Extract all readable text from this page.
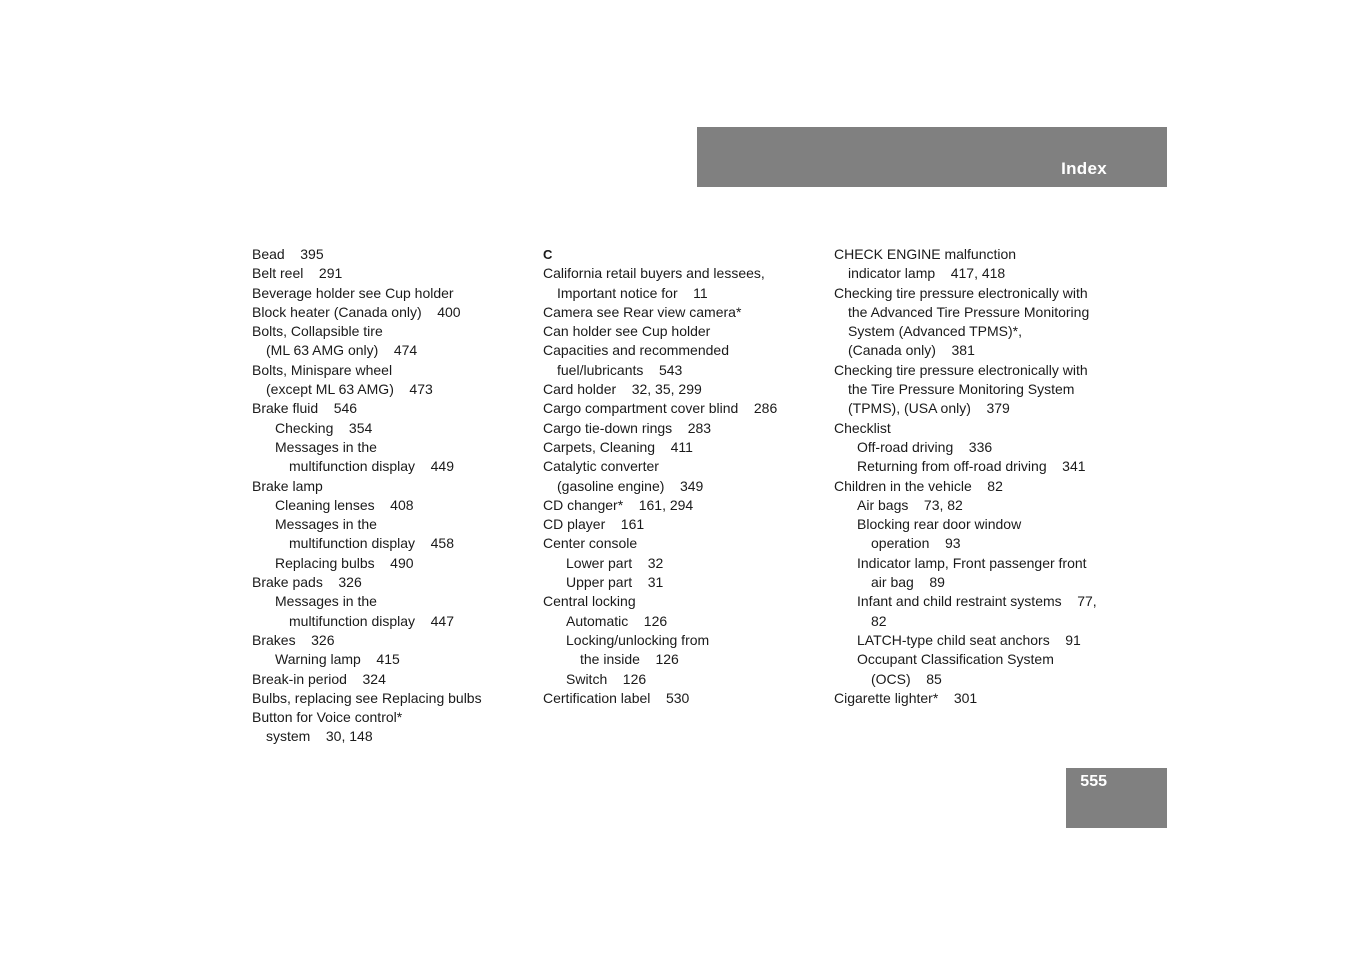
Index

Bead    395

Belt reel    291

Beverage holder see Cup holder

Block heater (Canada only)    400

Bolts, Collapsible tire

(ML 63 AMG only)    474

Bolts, Minispare wheel

(except ML 63 AMG)    473

Brake fluid    546

Checking    354

Messages in the

multifunction display    449

Brake lamp

Cleaning lenses    408

Messages in the

multifunction display    458

Replacing bulbs    490

Brake pads    326

Messages in the

multifunction display    447

Brakes    326

Warning lamp    415

Break-in period    324

Bulbs, replacing see Replacing bulbs

Button for Voice control*

system    30, 148

C

California retail buyers and lessees,

Important notice for    11

Camera see Rear view camera*

Can holder see Cup holder

Capacities and recommended

fuel/lubricants    543

Card holder    32, 35, 299

Cargo compartment cover blind    286

Cargo tie-down rings    283

Carpets, Cleaning    411

Catalytic converter

(gasoline engine)    349

CD changer*    161, 294

CD player    161

Center console

Lower part    32

Upper part    31

Central locking

Automatic    126

Locking/unlocking from

the inside    126

Switch    126

Certification label    530

CHECK ENGINE malfunction

indicator lamp    417, 418

Checking tire pressure electronically with

the Advanced Tire Pressure Monitoring

System (Advanced TPMS)*,

(Canada only)    381

Checking tire pressure electronically with

the Tire Pressure Monitoring System

(TPMS), (USA only)    379

Checklist

Off-road driving    336

Returning from off-road driving    341

Children in the vehicle    82

Air bags    73, 82

Blocking rear door window

operation    93

Indicator lamp, Front passenger front

air bag    89

Infant and child restraint systems    77,

82

LATCH-type child seat anchors    91

Occupant Classification System

(OCS)    85

Cigarette lighter*    301

555
